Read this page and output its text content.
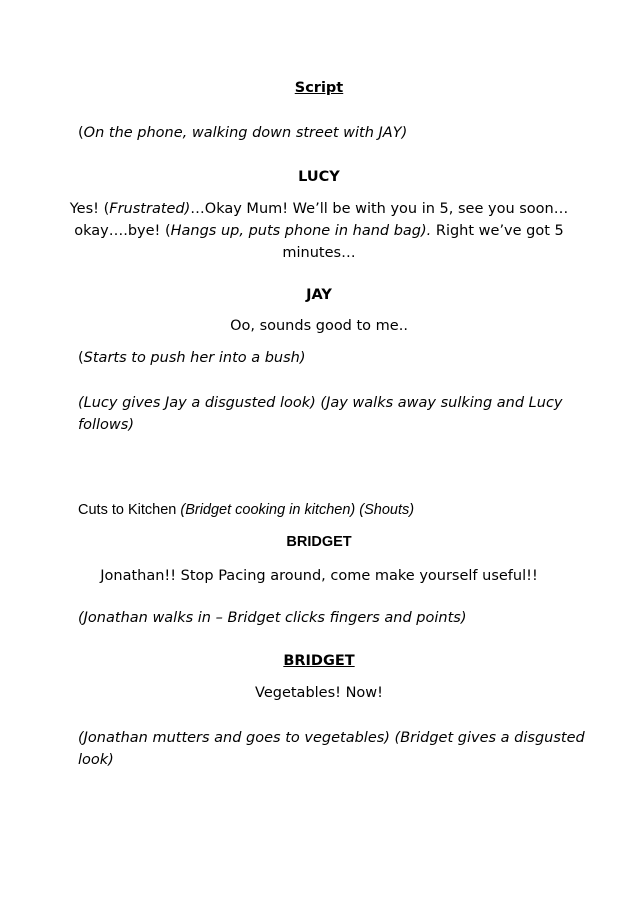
Script
(On the phone, walking down street with JAY)
LUCY
Yes! (Frustrated)…Okay Mum! We’ll be with you in 5, see you soon…
okay….bye! (Hangs up, puts phone in hand bag). Right we’ve got 5
minutes…
JAY
Oo, sounds good to me..
(Starts to push her into a bush)
(Lucy gives Jay a disgusted look) (Jay walks away sulking and Lucy
follows)
Cuts to Kitchen (Bridget cooking in kitchen) (Shouts)
BRIDGET
Jonathan!! Stop Pacing around, come make yourself useful!!
(Jonathan walks in – Bridget clicks fingers and points)
BRIDGET
Vegetables! Now!
(Jonathan mutters and goes to vegetables) (Bridget gives a disgusted
look)
